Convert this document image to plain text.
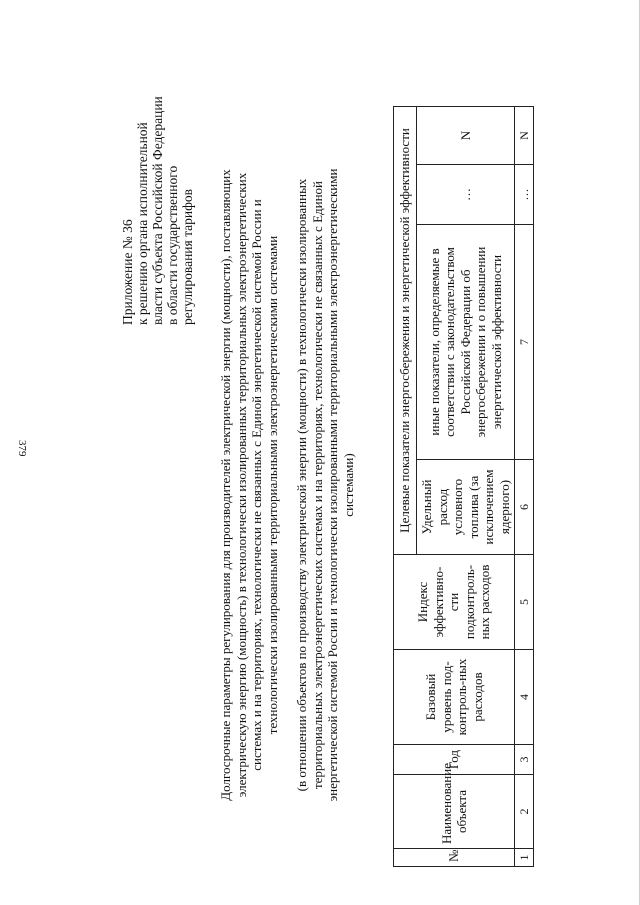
379
Приложение № 36 к решению органа исполнительной власти субъекта Российской Федерации в области государственного регулирования тарифов Долгосрочные параметры регулирования для производителей электрической энергии (мощности), поставляющих электрическую энергию (мощность) в технологически изолированных территориальных электроэнергетических системах и на территориях, технологически не связанных с Единой энергетической системой России и технологически изолированными территориальными электроэнергетическими системами (в отношении объектов по производству электрической энергии (мощности) в технологически изолированных территориальных электроэнергетических системах и на территориях, технологически не связанных с Единой энергетической системой России и технологически изолированными территориальными электроэнергетическими системами)
№	Наименование объекта	Год	Базовый уровень под-контроль-ных расходов	Индекс эффективно-сти подконтроль-ных расходов	Целевые показатели энергосбережения и энергетической эффективности			
					Удельный расход условного топлива (за исключением ядерного)	иные показатели, определяемые в соответствии с законодательством Российской Федерации об энергосбережении и о повышении энергетической эффективности	…	N
1	2	3	4	5	6	7	…	N
